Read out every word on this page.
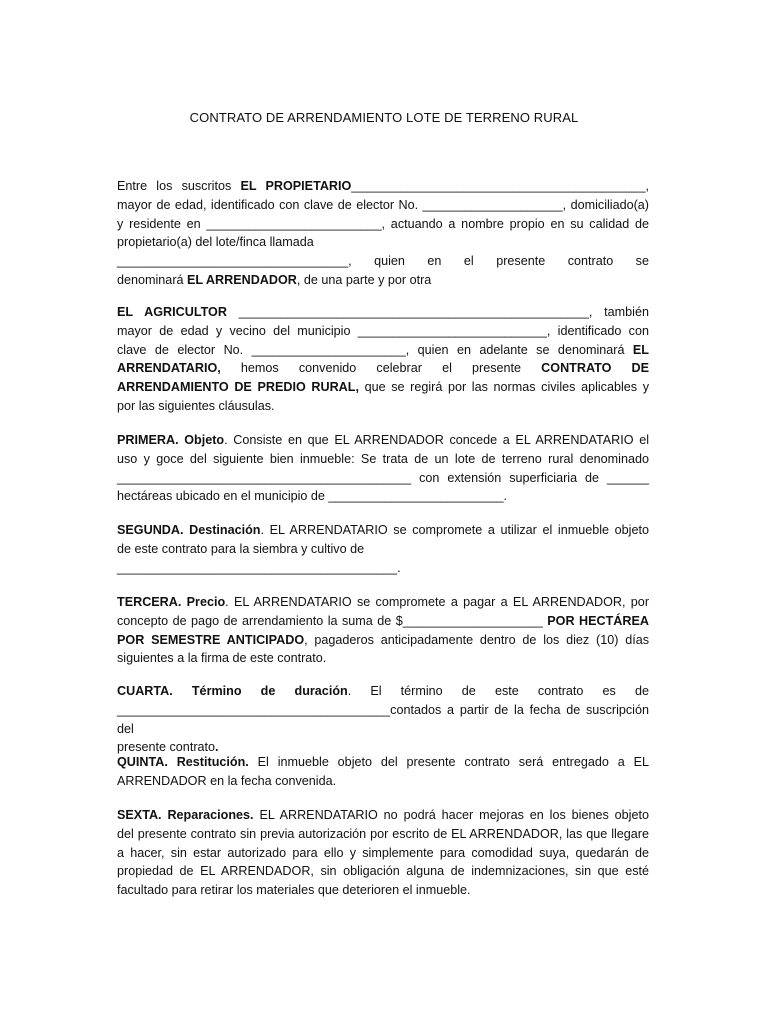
CONTRATO DE ARRENDAMIENTO LOTE DE TERRENO RURAL
Entre los suscritos EL PROPIETARIO__________________________________________,
mayor de edad, identificado con clave de elector No. ____________________, domiciliado(a)
y residente en _________________________, actuando a nombre propio en su calidad de
propietario(a) del lote/finca llamada
_________________________________, quien en el presente contrato se
denominará EL ARRENDADOR, de una parte y por otra
EL AGRICULTOR __________________________________________________, también
mayor de edad y vecino del municipio ___________________________, identificado con
clave de elector No. ______________________, quien en adelante se denominará EL
ARRENDATARIO, hemos convenido celebrar el presente CONTRATO DE
ARRENDAMIENTO DE PREDIO RURAL, que se regirá por las normas civiles aplicables y
por las siguientes cláusulas.
PRIMERA. Objeto. Consiste en que EL ARRENDADOR concede a EL ARRENDATARIO el
uso y goce del siguiente bien inmueble: Se trata de un lote de terreno rural denominado
__________________________________________ con extensión superficiaria de ______
hectáreas ubicado en el municipio de _________________________.
SEGUNDA. Destinación. EL ARRENDATARIO se compromete a utilizar el inmueble objeto
de este contrato para la siembra y cultivo de
________________________________________.
TERCERA. Precio. EL ARRENDATARIO se compromete a pagar a EL ARRENDADOR, por
concepto de pago de arrendamiento la suma de $____________________ POR HECTÁREA
POR SEMESTRE ANTICIPADO, pagaderos anticipadamente dentro de los diez (10) días
siguientes a la firma de este contrato.
CUARTA. Término de duración. El término de este contrato es de
_______________________________________contados a partir de la fecha de suscripción del
presente contrato.
QUINTA. Restitución. El inmueble objeto del presente contrato será entregado a EL
ARRENDADOR en la fecha convenida.
SEXTA. Reparaciones. EL ARRENDATARIO no podrá hacer mejoras en los bienes objeto
del presente contrato sin previa autorización por escrito de EL ARRENDADOR, las que llegare
a hacer, sin estar autorizado para ello y simplemente para comodidad suya, quedarán de
propiedad de EL ARRENDADOR, sin obligación alguna de indemnizaciones, sin que esté
facultado para retirar los materiales que deterioren el inmueble.
